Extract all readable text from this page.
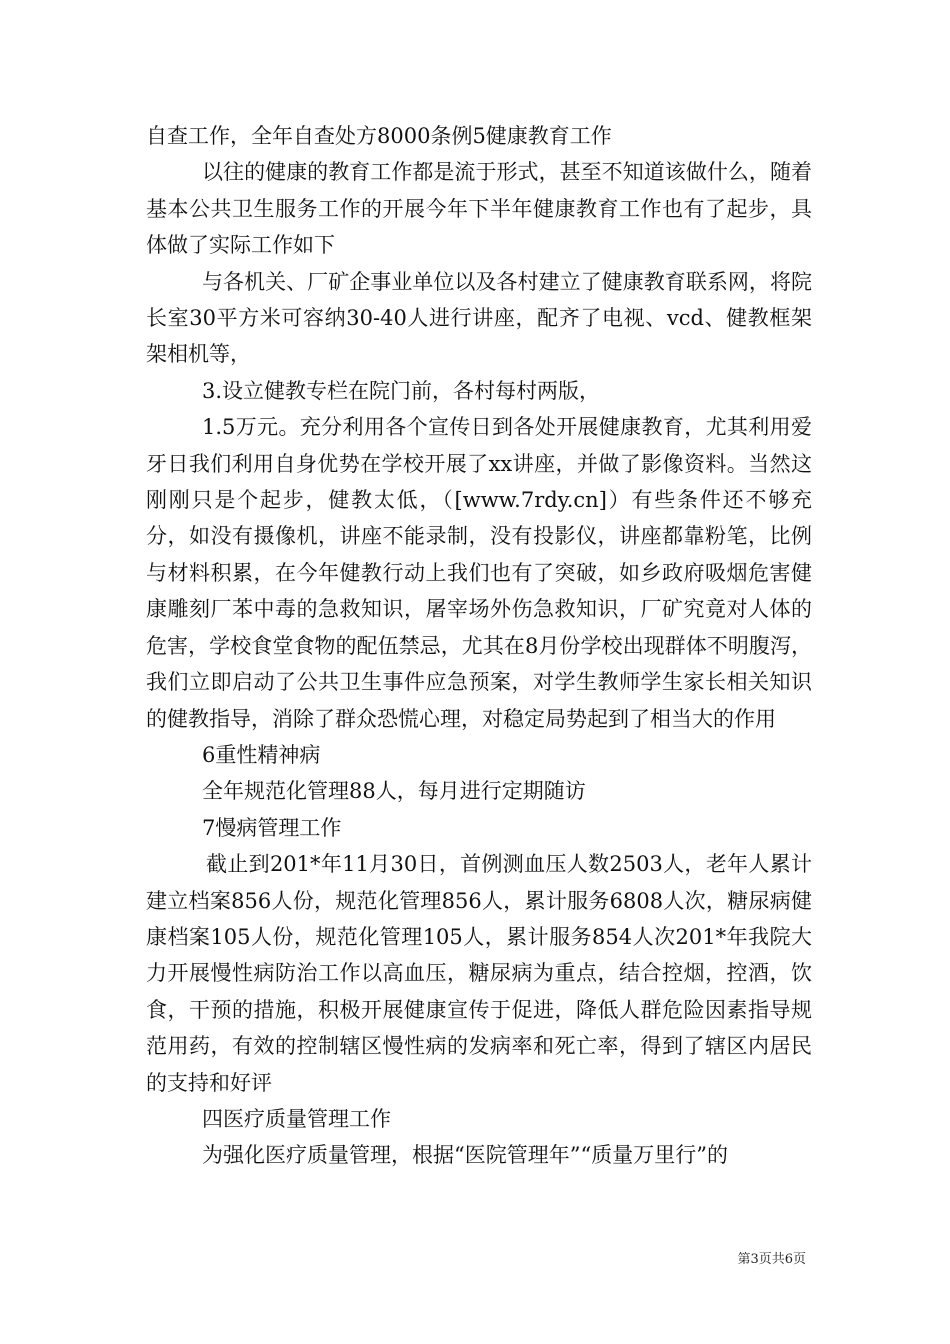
自查工作，全年自查处方8000条例5健康教育工作

以往的健康的教育工作都是流于形式，甚至不知道该做什么，随着基本公共卫生服务工作的开展今年下半年健康教育工作也有了起步，具体做了实际工作如下

与各机关、厂矿企事业单位以及各村建立了健康教育联系网，将院长室30平方米可容纳30-40人进行讲座，配齐了电视、vcd、健教框架架相机等，

3.设立健教专栏在院门前，各村每村两版，

1.5万元。充分利用各个宣传日到各处开展健康教育，尤其利用爱牙日我们利用自身优势在学校开展了xx讲座，并做了影像资料。当然这刚刚只是个起步，健教太低，（[www.7rdy.cn]）有些条件还不够充分，如没有摄像机，讲座不能录制，没有投影仪，讲座都靠粉笔，比例与材料积累，在今年健教行动上我们也有了突破，如乡政府吸烟危害健康雕刻厂苯中毒的急救知识，屠宰场外伤急救知识，厂矿究竟对人体的危害，学校食堂食物的配伍禁忌，尤其在8月份学校出现群体不明腹泻，我们立即启动了公共卫生事件应急预案，对学生教师学生家长相关知识的健教指导，消除了群众恐慌心理，对稳定局势起到了相当大的作用

6重性精神病

全年规范化管理88人，每月进行定期随访

7慢病管理工作

截止到201*年11月30日，首例测血压人数2503人，老年人累计建立档案856人份，规范化管理856人，累计服务6808人次，糖尿病健康档案105人份，规范化管理105人，累计服务854人次201*年我院大力开展慢性病防治工作以高血压，糖尿病为重点，结合控烟，控酒，饮食，干预的措施，积极开展健康宣传于促进，降低人群危险因素指导规范用药，有效的控制辖区慢性病的发病率和死亡率，得到了辖区内居民的支持和好评

四医疗质量管理工作

为强化医疗质量管理，根据“医院管理年”“质量万里行”的

第3页共6页
